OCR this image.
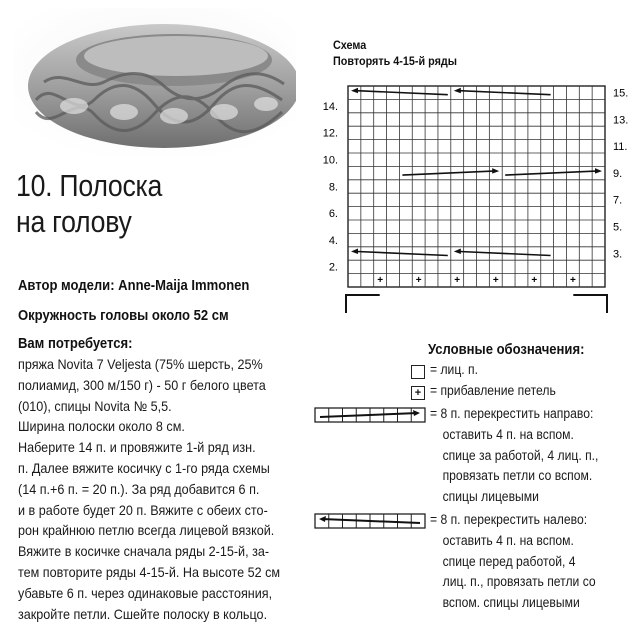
10. Полоска
на голову
Автор модели: Anne-Maija Immonen
Окружность головы около 52 см
Вам потребуется:
пряжа Novita 7 Veljesta (75% шерсть, 25%
полиамид, 300 м/150 г) - 50 г белого цвета
(010), спицы Novita № 5,5.
Ширина полоски около 8 см.
Наберите 14 п. и провяжите 1-й ряд изн.
п. Далее вяжите косичку с 1-го ряда схемы
(14 п.+6 п. = 20 п.). За ряд добавится 6 п.
и в работе будет 20 п. Вяжите с обеих сто-
рон крайнюю петлю всегда лицевой вязкой.
Вяжите в косичке сначала ряды 2-15-й, за-
тем повторите ряды 4-15-й. На высоте 52 см
убавьте 6 п. через одинаковые расстояния,
закройте петли. Сшейте полоску в кольцо.
Схема
Повторять 4-15-й ряды
14.
12.
10.
8.
6.
4.
2.
15.
13.
11.
9.
7.
5.
3.
+	+	+	+	+	+
Условные обозначения:
= лиц. п.
+ = прибавление петель
= 8 п. перекрестить направо:
оставить 4 п. на вспом.
спице за работой, 4 лиц. п.,
провязать петли со вспом.
спицы лицевыми
= 8 п. перекрестить налево:
оставить 4 п. на вспом.
спице перед работой, 4
лиц. п., провязать петли со
вспом. спицы лицевыми
